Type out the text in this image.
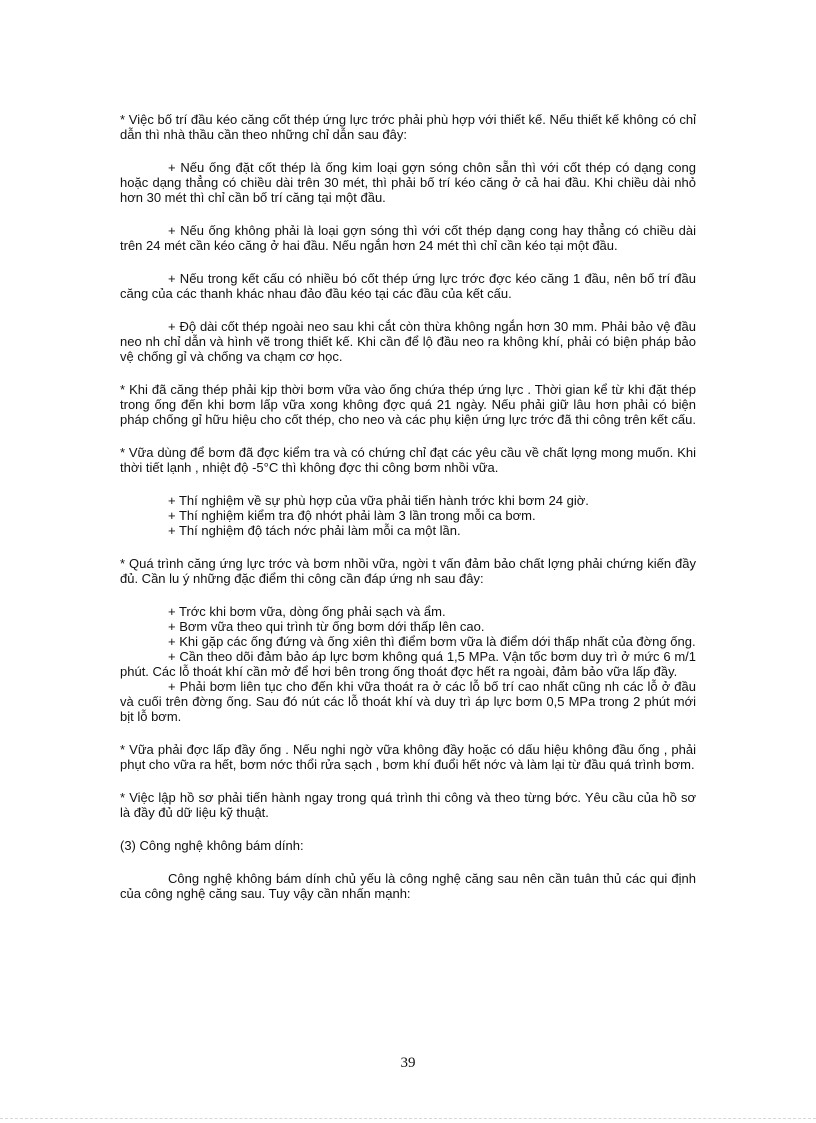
* Việc bố trí đầu kéo căng cốt thép ứng lực trớc phải phù hợp với thiết kế. Nếu thiết kế không có chỉ dẫn thì nhà thầu cần theo những chỉ dẫn sau đây:

+ Nếu ống đặt cốt thép là ống kim loại gợn sóng chôn sẵn thì với cốt thép có dạng cong hoặc dạng thẳng có chiều dài trên 30 mét, thì phải bố trí kéo căng ở cả hai đầu. Khi chiều dài nhỏ hơn 30 mét thì chỉ cần bố trí căng tại một đầu.

+ Nếu ống không phải là loại gợn sóng thì với cốt thép dạng cong hay thẳng có chiều dài trên 24 mét cần kéo căng ở hai đầu. Nếu ngắn hơn 24 mét thì chỉ cần kéo tại một đầu.

+ Nếu trong kết cấu có nhiều bó cốt thép ứng lực trớc đợc kéo căng 1 đầu, nên bố trí đầu căng của các thanh khác nhau đảo đầu kéo tại các đầu của kết cấu.

+ Độ dài cốt thép ngoài neo sau khi cắt còn thừa không ngắn hơn 30 mm. Phải bảo vệ đầu neo nh chỉ dẫn và hình vẽ trong thiết kế. Khi cần để lộ đầu neo ra không khí, phải có biện pháp bảo vệ chống gỉ và chống va chạm cơ học.

* Khi đã căng thép phải kịp thời bơm vữa vào ống chứa thép ứng lực . Thời gian kể từ khi đặt thép trong ống đến khi bơm lấp vữa xong không đợc quá 21 ngày. Nếu phải giữ lâu hơn phải có biện pháp chống gỉ hữu hiệu cho cốt thép, cho neo và các phụ kiện ứng lực trớc đã thi công trên kết cấu.

* Vữa dùng để bơm đã đợc kiểm tra và có chứng chỉ đạt các yêu cầu về chất lợng mong muốn. Khi thời tiết lạnh , nhiệt độ -5°C thì không đợc thi công bơm nhồi vữa.

+ Thí nghiệm về sự phù hợp của vữa phải tiến hành trớc khi bơm 24 giờ.

+ Thí nghiệm kiểm tra độ nhớt phải làm 3 lần trong mỗi ca bơm.

+ Thí nghiệm độ tách nớc phải làm mỗi ca một lần.

* Quá trình căng ứng lực trớc và bơm nhồi vữa, ngời t vấn đảm bảo chất lợng phải chứng kiến đầy đủ. Cần lu ý những đặc điểm thi công cần đáp ứng nh sau đây:

+ Trớc khi bơm vữa, dòng ống phải sạch và ẩm.

+ Bơm vữa theo qui trình từ ống bơm dới thấp lên cao.

+ Khi gặp các ống đứng và ống xiên thì điểm bơm vữa là điểm dới thấp nhất của đờng ống.

+ Cần theo dõi đảm bảo áp lực bơm không quá 1,5 MPa. Vận tốc bơm duy trì ở mức 6 m/1 phút. Các lỗ thoát khí cần mở để hơi bên trong ống thoát đợc hết ra ngoài, đảm bảo vữa lấp đầy.

+ Phải bơm liên tục cho đến khi vữa thoát ra ở các lỗ bố trí cao nhất cũng nh các lỗ ở đầu và cuối trên đờng ống. Sau đó nút các lỗ thoát khí và duy trì áp lực bơm 0,5 MPa trong 2 phút mới bịt lỗ bơm.

* Vữa phải đợc lấp đầy ống . Nếu nghi ngờ vữa không đầy hoặc có dấu hiệu không đầu ống , phải phụt cho vữa ra hết, bơm nớc thổi rửa sạch , bơm khí đuổi hết nớc và làm lại từ đầu quá trình bơm.

* Việc lập hồ sơ phải tiến hành ngay trong quá trình thi công và theo từng bớc. Yêu cầu của hồ sơ là đầy đủ dữ liệu kỹ thuật.

(3) Công nghệ không bám dính:

Công nghệ không bám dính chủ yếu là công nghệ căng sau nên cần tuân thủ các qui định của công nghệ căng sau. Tuy vậy cần nhấn mạnh:

39
